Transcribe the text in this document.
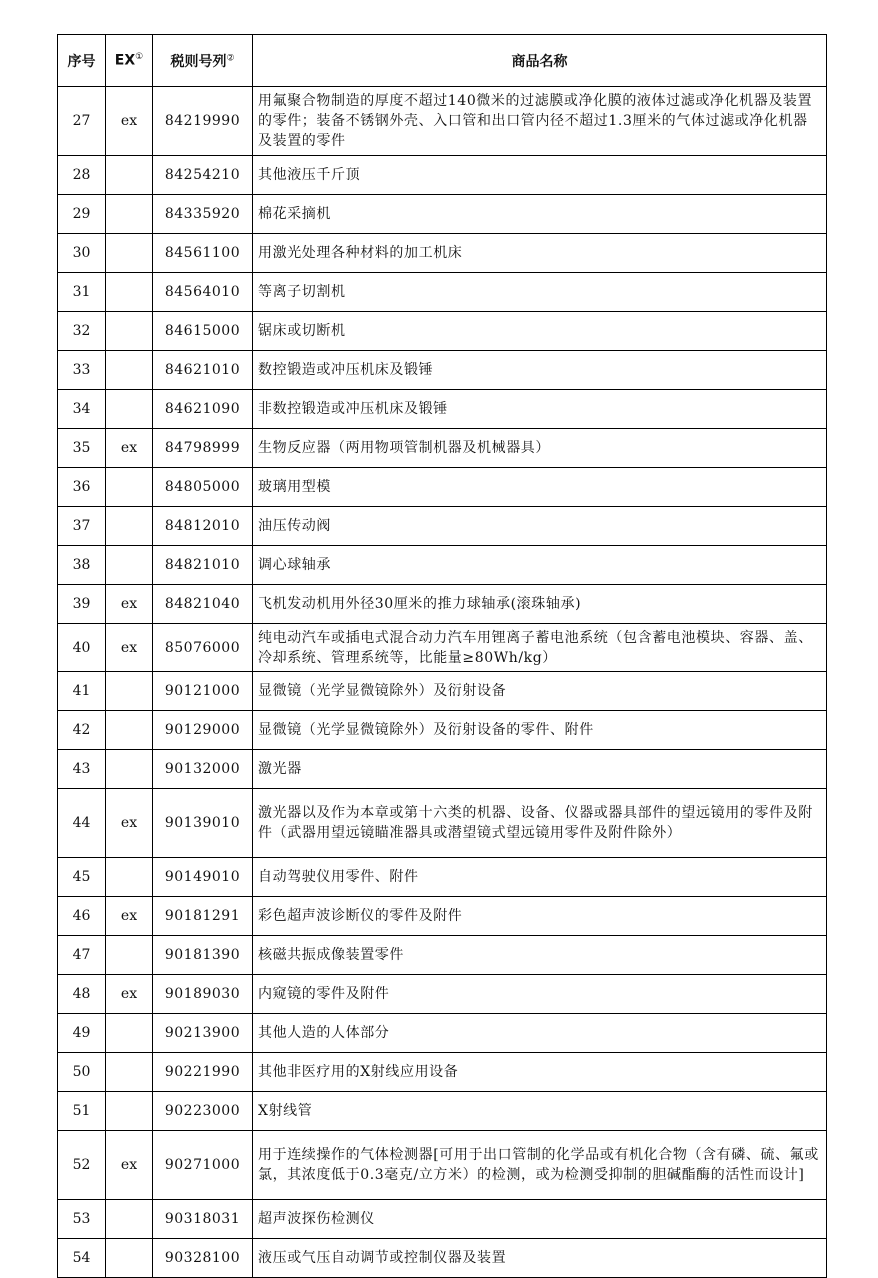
序号	EX①	税则号列②	商品名称
27	ex	84219990	用氟聚合物制造的厚度不超过140微米的过滤膜或净化膜的液体过滤或净化机器及装置的零件；装备不锈钢外壳、入口管和出口管内径不超过1.3厘米的气体过滤或净化机器及装置的零件
28		84254210	其他液压千斤顶
29		84335920	棉花采摘机
30		84561100	用激光处理各种材料的加工机床
31		84564010	等离子切割机
32		84615000	锯床或切断机
33		84621010	数控锻造或冲压机床及锻锤
34		84621090	非数控锻造或冲压机床及锻锤
35	ex	84798999	生物反应器（两用物项管制机器及机械器具）
36		84805000	玻璃用型模
37		84812010	油压传动阀
38		84821010	调心球轴承
39	ex	84821040	飞机发动机用外径30厘米的推力球轴承(滚珠轴承)
40	ex	85076000	纯电动汽车或插电式混合动力汽车用锂离子蓄电池系统（包含蓄电池模块、容器、盖、冷却系统、管理系统等，比能量≥80Wh/kg）
41		90121000	显微镜（光学显微镜除外）及衍射设备
42		90129000	显微镜（光学显微镜除外）及衍射设备的零件、附件
43		90132000	激光器
44	ex	90139010	激光器以及作为本章或第十六类的机器、设备、仪器或器具部件的望远镜用的零件及附件（武器用望远镜瞄准器具或潜望镜式望远镜用零件及附件除外）
45		90149010	自动驾驶仪用零件、附件
46	ex	90181291	彩色超声波诊断仪的零件及附件
47		90181390	核磁共振成像装置零件
48	ex	90189030	内窥镜的零件及附件
49		90213900	其他人造的人体部分
50		90221990	其他非医疗用的X射线应用设备
51		90223000	X射线管
52	ex	90271000	用于连续操作的气体检测器[可用于出口管制的化学品或有机化合物（含有磷、硫、氟或氯，其浓度低于0.3毫克/立方米）的检测，或为检测受抑制的胆碱酯酶的活性而设计]
53		90318031	超声波探伤检测仪
54		90328100	液压或气压自动调节或控制仪器及装置
